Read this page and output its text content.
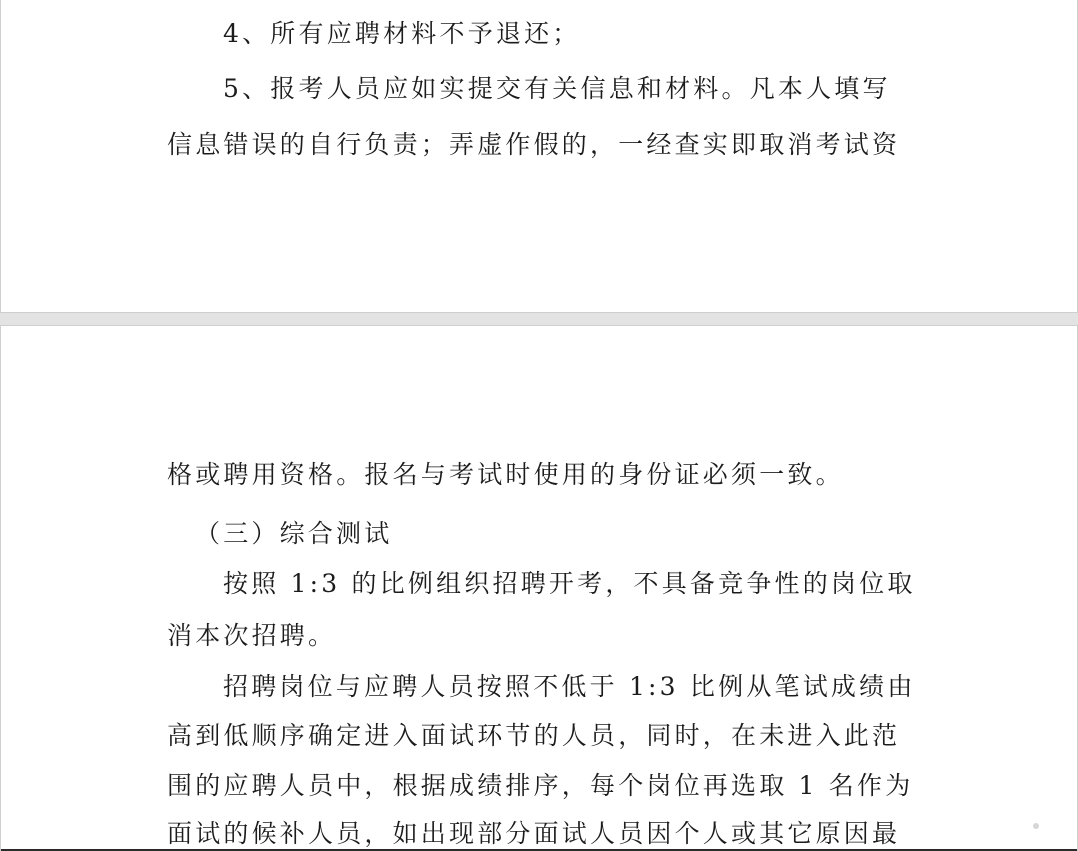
4、所有应聘材料不予退还；
5、报考人员应如实提交有关信息和材料。凡本人填写
信息错误的自行负责；弄虚作假的，一经查实即取消考试资
格或聘用资格。报名与考试时使用的身份证必须一致。
（三）综合测试
按照 1:3 的比例组织招聘开考，不具备竞争性的岗位取
消本次招聘。
招聘岗位与应聘人员按照不低于 1:3 比例从笔试成绩由
高到低顺序确定进入面试环节的人员，同时，在未进入此范
围的应聘人员中，根据成绩排序，每个岗位再选取 1 名作为
面试的候补人员，如出现部分面试人员因个人或其它原因最
